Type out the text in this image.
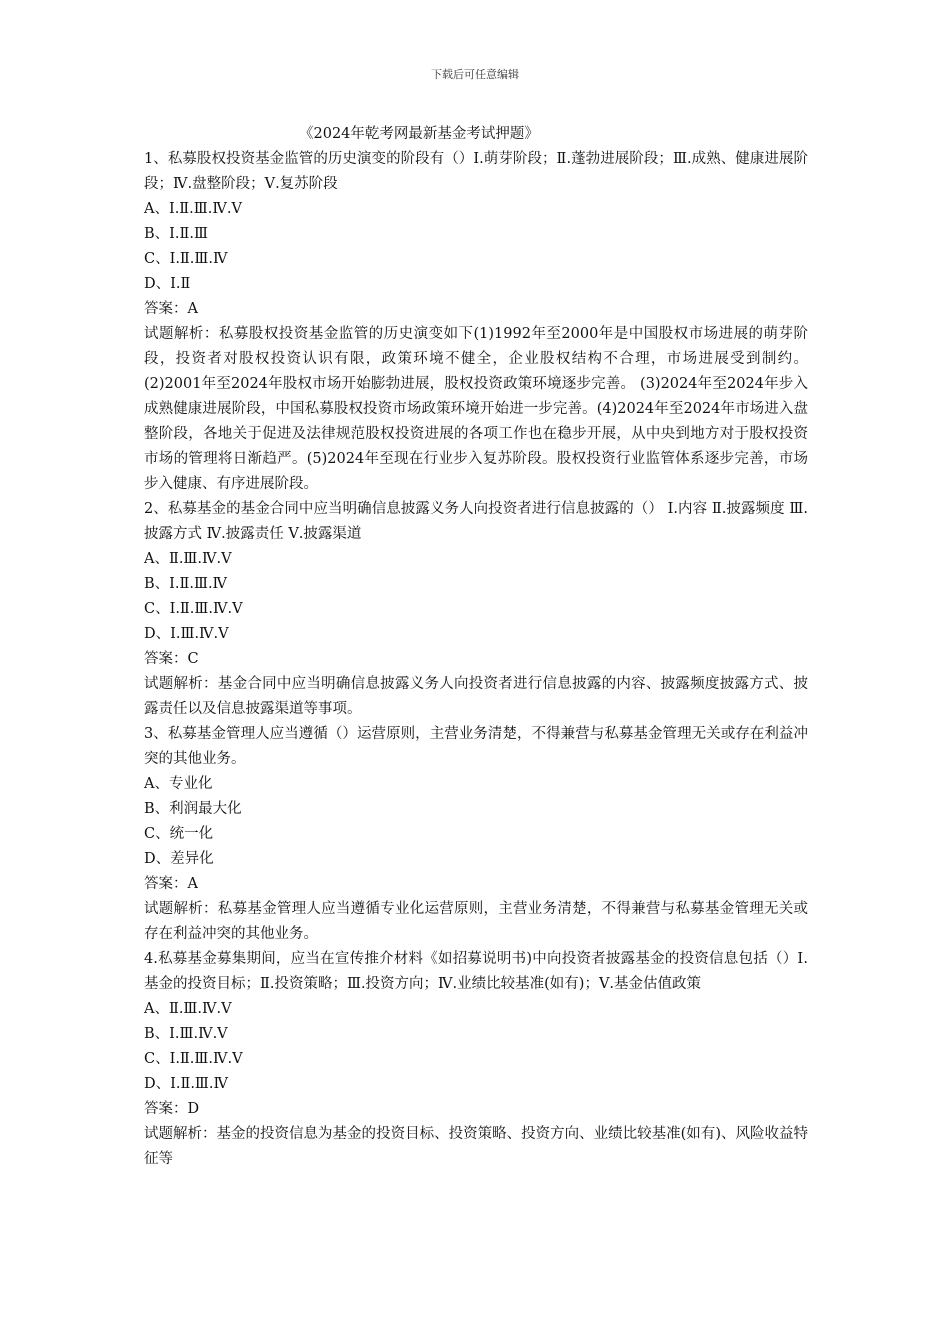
下载后可任意编辑
《2024年乾考网最新基金考试押题》

1、私募股权投资基金监管的历史演变的阶段有（）Ⅰ.萌芽阶段；Ⅱ.蓬勃进展阶段；Ⅲ.成熟、健康进展阶段；Ⅳ.盘整阶段；Ⅴ.复苏阶段

A、Ⅰ.Ⅱ.Ⅲ.Ⅳ.Ⅴ

B、Ⅰ.Ⅱ.Ⅲ

C、Ⅰ.Ⅱ.Ⅲ.Ⅳ

D、Ⅰ.Ⅱ

答案：A

试题解析：私募股权投资基金监管的历史演变如下(1)1992年至2000年是中国股权市场进展的萌芽阶段，投资者对股权投资认识有限，政策环境不健全，企业股权结构不合理，市场进展受到制约。(2)2001年至2024年股权市场开始膨勃进展，股权投资政策环境逐步完善。 (3)2024年至2024年步入成熟健康进展阶段，中国私募股权投资市场政策环境开始进一步完善。(4)2024年至2024年市场进入盘整阶段，各地关于促进及法律规范股权投资进展的各项工作也在稳步开展，从中央到地方对于股权投资市场的管理将日渐趋严。(5)2024年至现在行业步入复苏阶段。股权投资行业监管体系逐步完善，市场步入健康、有序进展阶段。

2、私募基金的基金合同中应当明确信息披露义务人向投资者进行信息披露的（） Ⅰ.内容 Ⅱ.披露频度 Ⅲ.披露方式 Ⅳ.披露责任 Ⅴ.披露渠道

A、Ⅱ.Ⅲ.Ⅳ.Ⅴ

B、Ⅰ.Ⅱ.Ⅲ.Ⅳ

C、Ⅰ.Ⅱ.Ⅲ.Ⅳ.Ⅴ

D、Ⅰ.Ⅲ.Ⅳ.Ⅴ

答案：C

试题解析：基金合同中应当明确信息披露义务人向投资者进行信息披露的内容、披露频度披露方式、披露责任以及信息披露渠道等事项。

3、私募基金管理人应当遵循（）运营原则，主营业务清楚，不得兼营与私募基金管理无关或存在利益冲突的其他业务。

A、专业化

B、利润最大化

C、统一化

D、差异化

答案：A

试题解析：私募基金管理人应当遵循专业化运营原则，主营业务清楚，不得兼营与私募基金管理无关或存在利益冲突的其他业务。

4.私募基金募集期间，应当在宣传推介材料《如招募说明书)中向投资者披露基金的投资信息包括（）Ⅰ.基金的投资目标；Ⅱ.投资策略；Ⅲ.投资方向；Ⅳ.业绩比较基准(如有)；Ⅴ.基金估值政策

A、Ⅱ.Ⅲ.Ⅳ.Ⅴ

B、Ⅰ.Ⅲ.Ⅳ.Ⅴ

C、Ⅰ.Ⅱ.Ⅲ.Ⅳ.Ⅴ

D、Ⅰ.Ⅱ.Ⅲ.Ⅳ

答案：D

试题解析：基金的投资信息为基金的投资目标、投资策略、投资方向、业绩比较基准(如有)、风险收益特征等
